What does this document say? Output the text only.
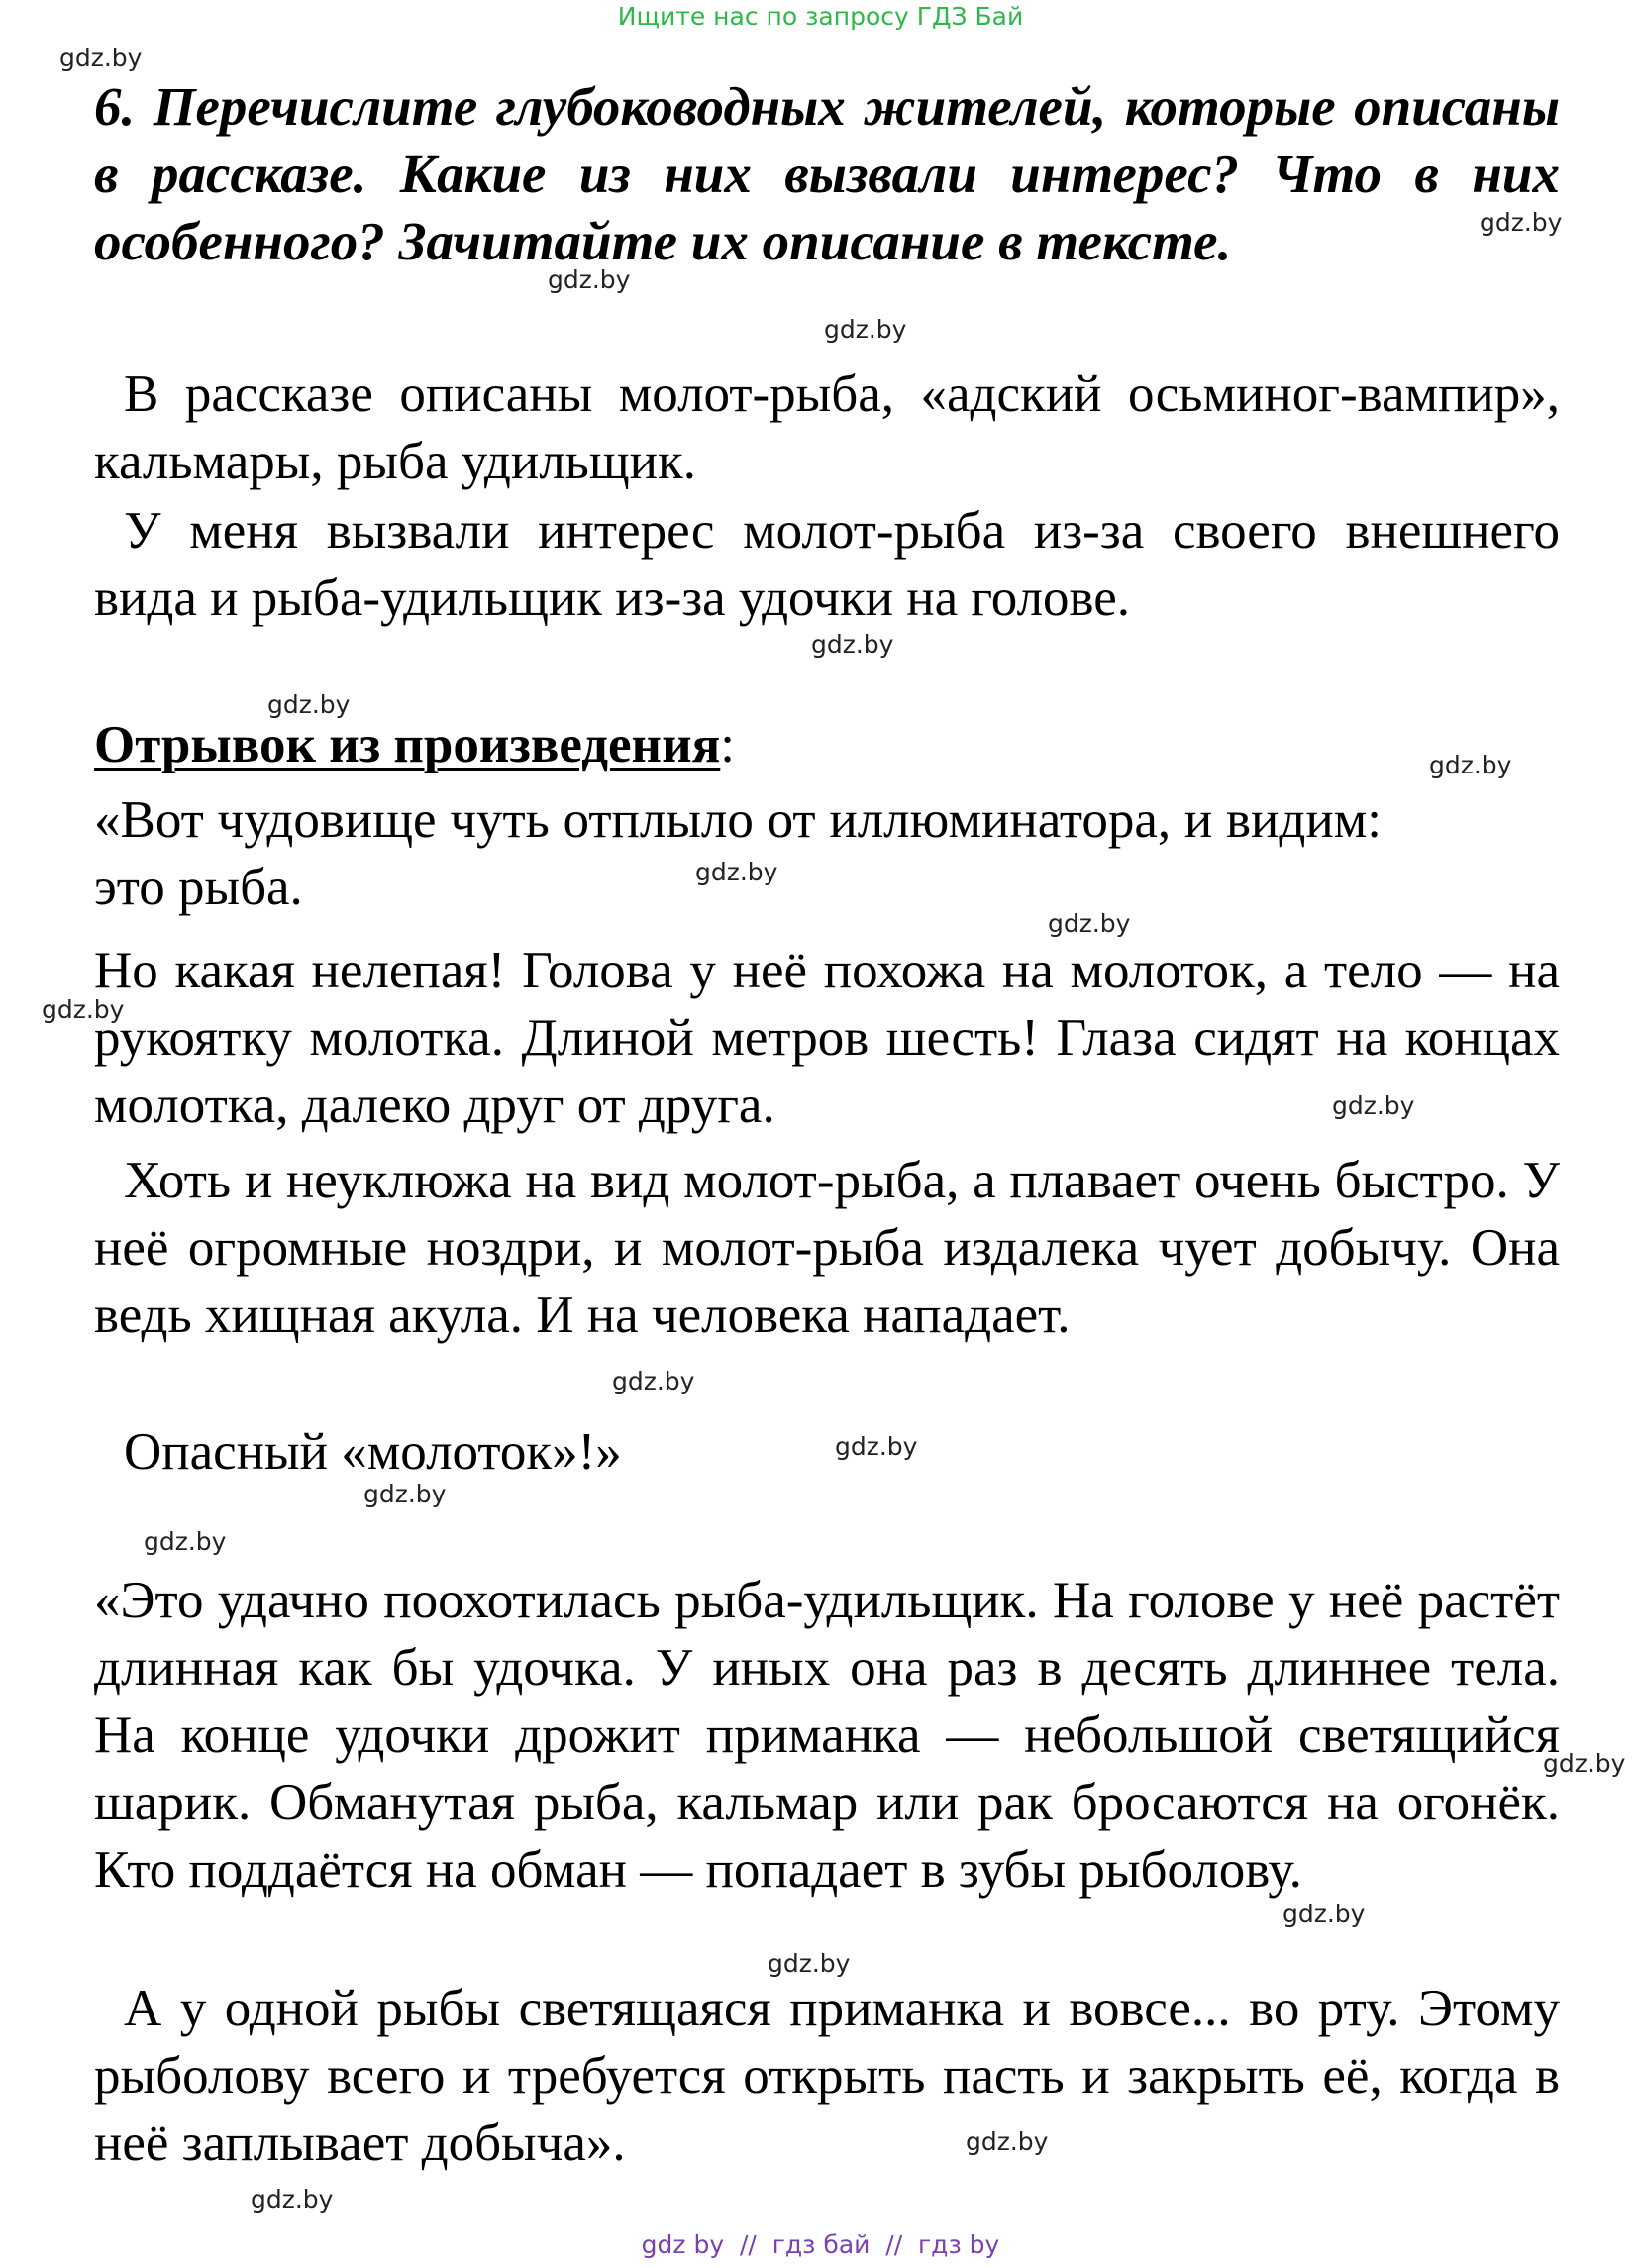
Ищите нас по запросу ГДЗ Бай
gdz.by
gdz.by
gdz.by
gdz.by
gdz.by
gdz.by
gdz.by
gdz.by
gdz.by
gdz.by
gdz.by
gdz.by
gdz.by
gdz.by
gdz.by
gdz.by
gdz.by
gdz.by
gdz.by
gdz.by
6. Перечислите глубоководных жителей, которые описаны в рассказе. Какие из них вызвали интерес? Что в них особенного? Зачитайте их описание в тексте.

В рассказе описаны молот-рыба, «адский осьминог-вампир», кальмары, рыба удильщик.

У меня вызвали интерес молот-рыба из-за своего внешнего вида и рыба-удильщик из-за удочки на голове.

Отрывок из произведения:

«Вот чудовище чуть отплыло от иллюминатора, и видим: это рыба.

Но какая нелепая! Голова у неё похожа на молоток, а тело — на рукоятку молотка. Длиной метров шесть! Глаза сидят на концах молотка, далеко друг от друга.

Хоть и неуклюжа на вид молот-рыба, а плавает очень быстро. У неё огромные ноздри, и молот-рыба издалека чует добычу. Она ведь хищная акула. И на человека нападает.

Опасный «молоток»!»

«Это удачно поохотилась рыба-удильщик. На голове у неё растёт длинная как бы удочка. У иных она раз в десять длиннее тела. На конце удочки дрожит приманка — небольшой светящийся шарик. Обманутая рыба, кальмар или рак бросаются на огонёк. Кто поддаётся на обман — попадает в зубы рыболову.

А у одной рыбы светящаяся приманка и вовсе... во рту. Этому рыболову всего и требуется открыть пасть и закрыть её, когда в неё заплывает добыча».

gdz by  //  гдз бай  //  гдз by
